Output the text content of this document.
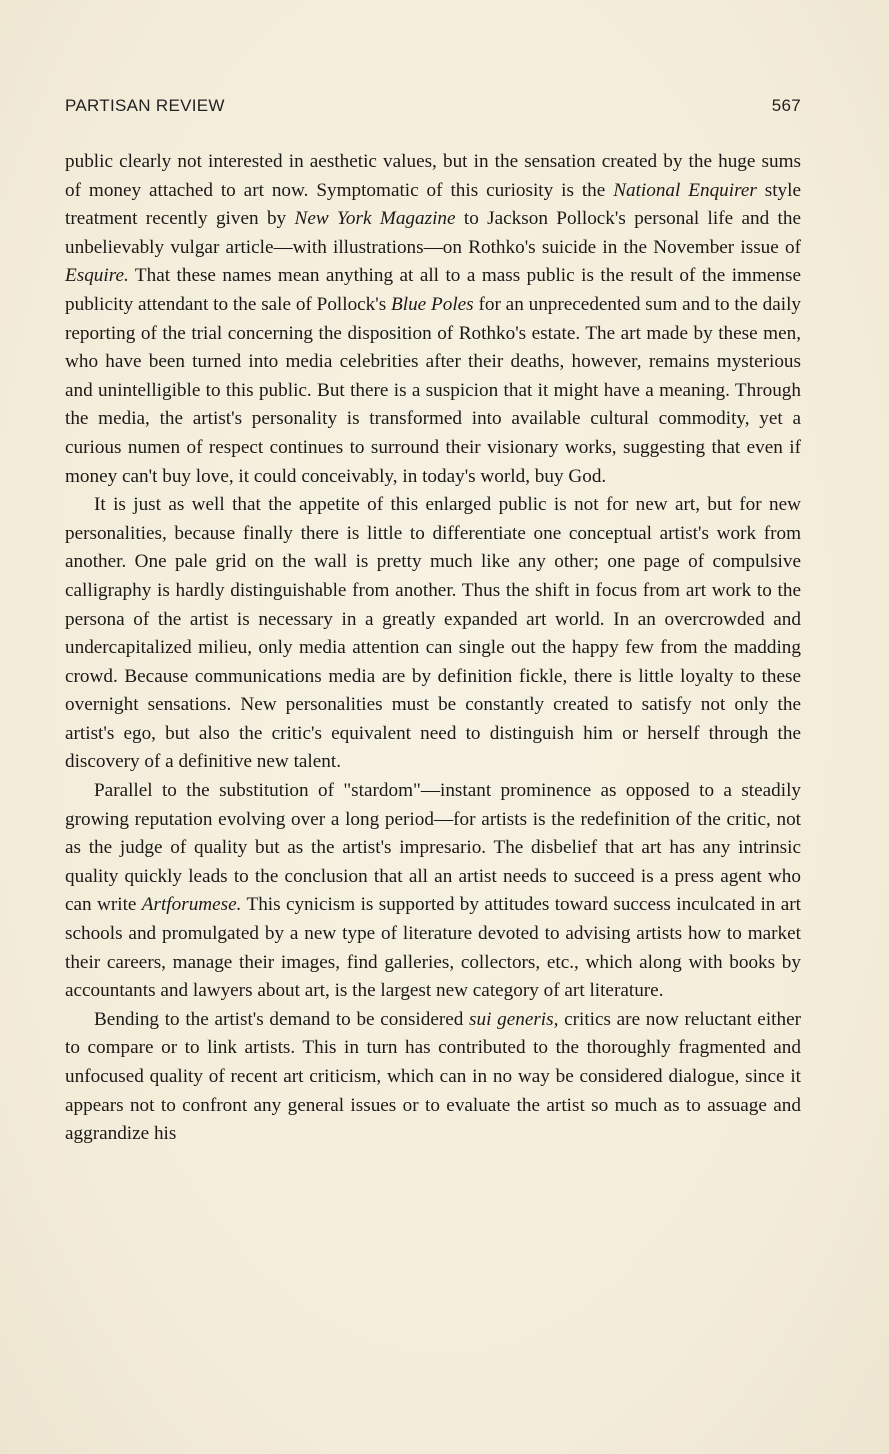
PARTISAN REVIEW	567

public clearly not interested in aesthetic values, but in the sensation created by the huge sums of money attached to art now. Symptomatic of this curiosity is the National Enquirer style treatment recently given by New York Magazine to Jackson Pollock's personal life and the unbelievably vulgar article—with illustrations—on Rothko's suicide in the November issue of Esquire. That these names mean anything at all to a mass public is the result of the immense publicity attendant to the sale of Pollock's Blue Poles for an unprecedented sum and to the daily reporting of the trial concerning the disposition of Rothko's estate. The art made by these men, who have been turned into media celebrities after their deaths, however, remains mysterious and unintelligible to this public. But there is a suspicion that it might have a meaning. Through the media, the artist's personality is transformed into available cultural commodity, yet a curious numen of respect continues to surround their visionary works, suggesting that even if money can't buy love, it could conceivably, in today's world, buy God.

It is just as well that the appetite of this enlarged public is not for new art, but for new personalities, because finally there is little to differentiate one conceptual artist's work from another. One pale grid on the wall is pretty much like any other; one page of compulsive calligraphy is hardly distinguishable from another. Thus the shift in focus from art work to the persona of the artist is necessary in a greatly expanded art world. In an overcrowded and undercapitalized milieu, only media attention can single out the happy few from the madding crowd. Because communications media are by definition fickle, there is little loyalty to these overnight sensations. New personalities must be constantly created to satisfy not only the artist's ego, but also the critic's equivalent need to distinguish him or herself through the discovery of a definitive new talent.

Parallel to the substitution of "stardom"—instant prominence as opposed to a steadily growing reputation evolving over a long period—for artists is the redefinition of the critic, not as the judge of quality but as the artist's impresario. The disbelief that art has any intrinsic quality quickly leads to the conclusion that all an artist needs to succeed is a press agent who can write Artforumese. This cynicism is supported by attitudes toward success inculcated in art schools and promulgated by a new type of literature devoted to advising artists how to market their careers, manage their images, find galleries, collectors, etc., which along with books by accountants and lawyers about art, is the largest new category of art literature.

Bending to the artist's demand to be considered sui generis, critics are now reluctant either to compare or to link artists. This in turn has contributed to the thoroughly fragmented and unfocused quality of recent art criticism, which can in no way be considered dialogue, since it appears not to confront any general issues or to evaluate the artist so much as to assuage and aggrandize his
